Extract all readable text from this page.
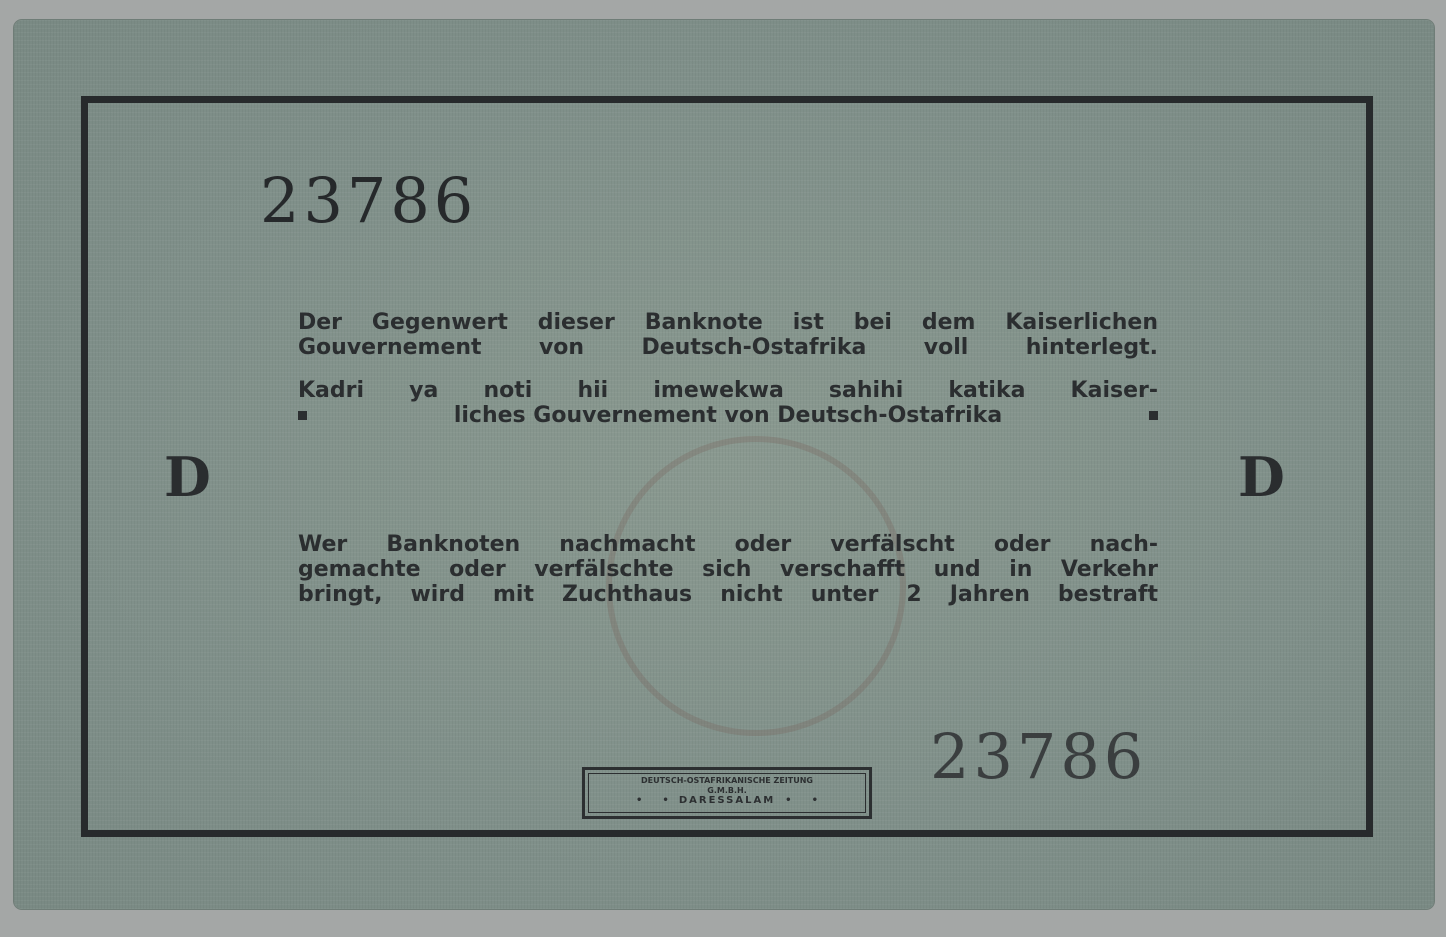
23786
D	D
Der Gegenwert dieser Banknote ist bei dem Kaiserlichen
Gouvernement von Deutsch-Ostafrika voll hinterlegt.
Kadri ya noti hii imewekwa sahihi katika Kaiser-
liches Gouvernement von Deutsch-Ostafrika
Wer Banknoten nachmacht oder verfälscht oder nach-
gemachte oder verfälschte sich verschafft und in Verkehr
bringt, wird mit Zuchthaus nicht unter 2 Jahren bestraft
23786
DEUTSCH-OSTAFRIKANISCHE ZEITUNG
G.M.B.H.
• • DARESSALAM • •
